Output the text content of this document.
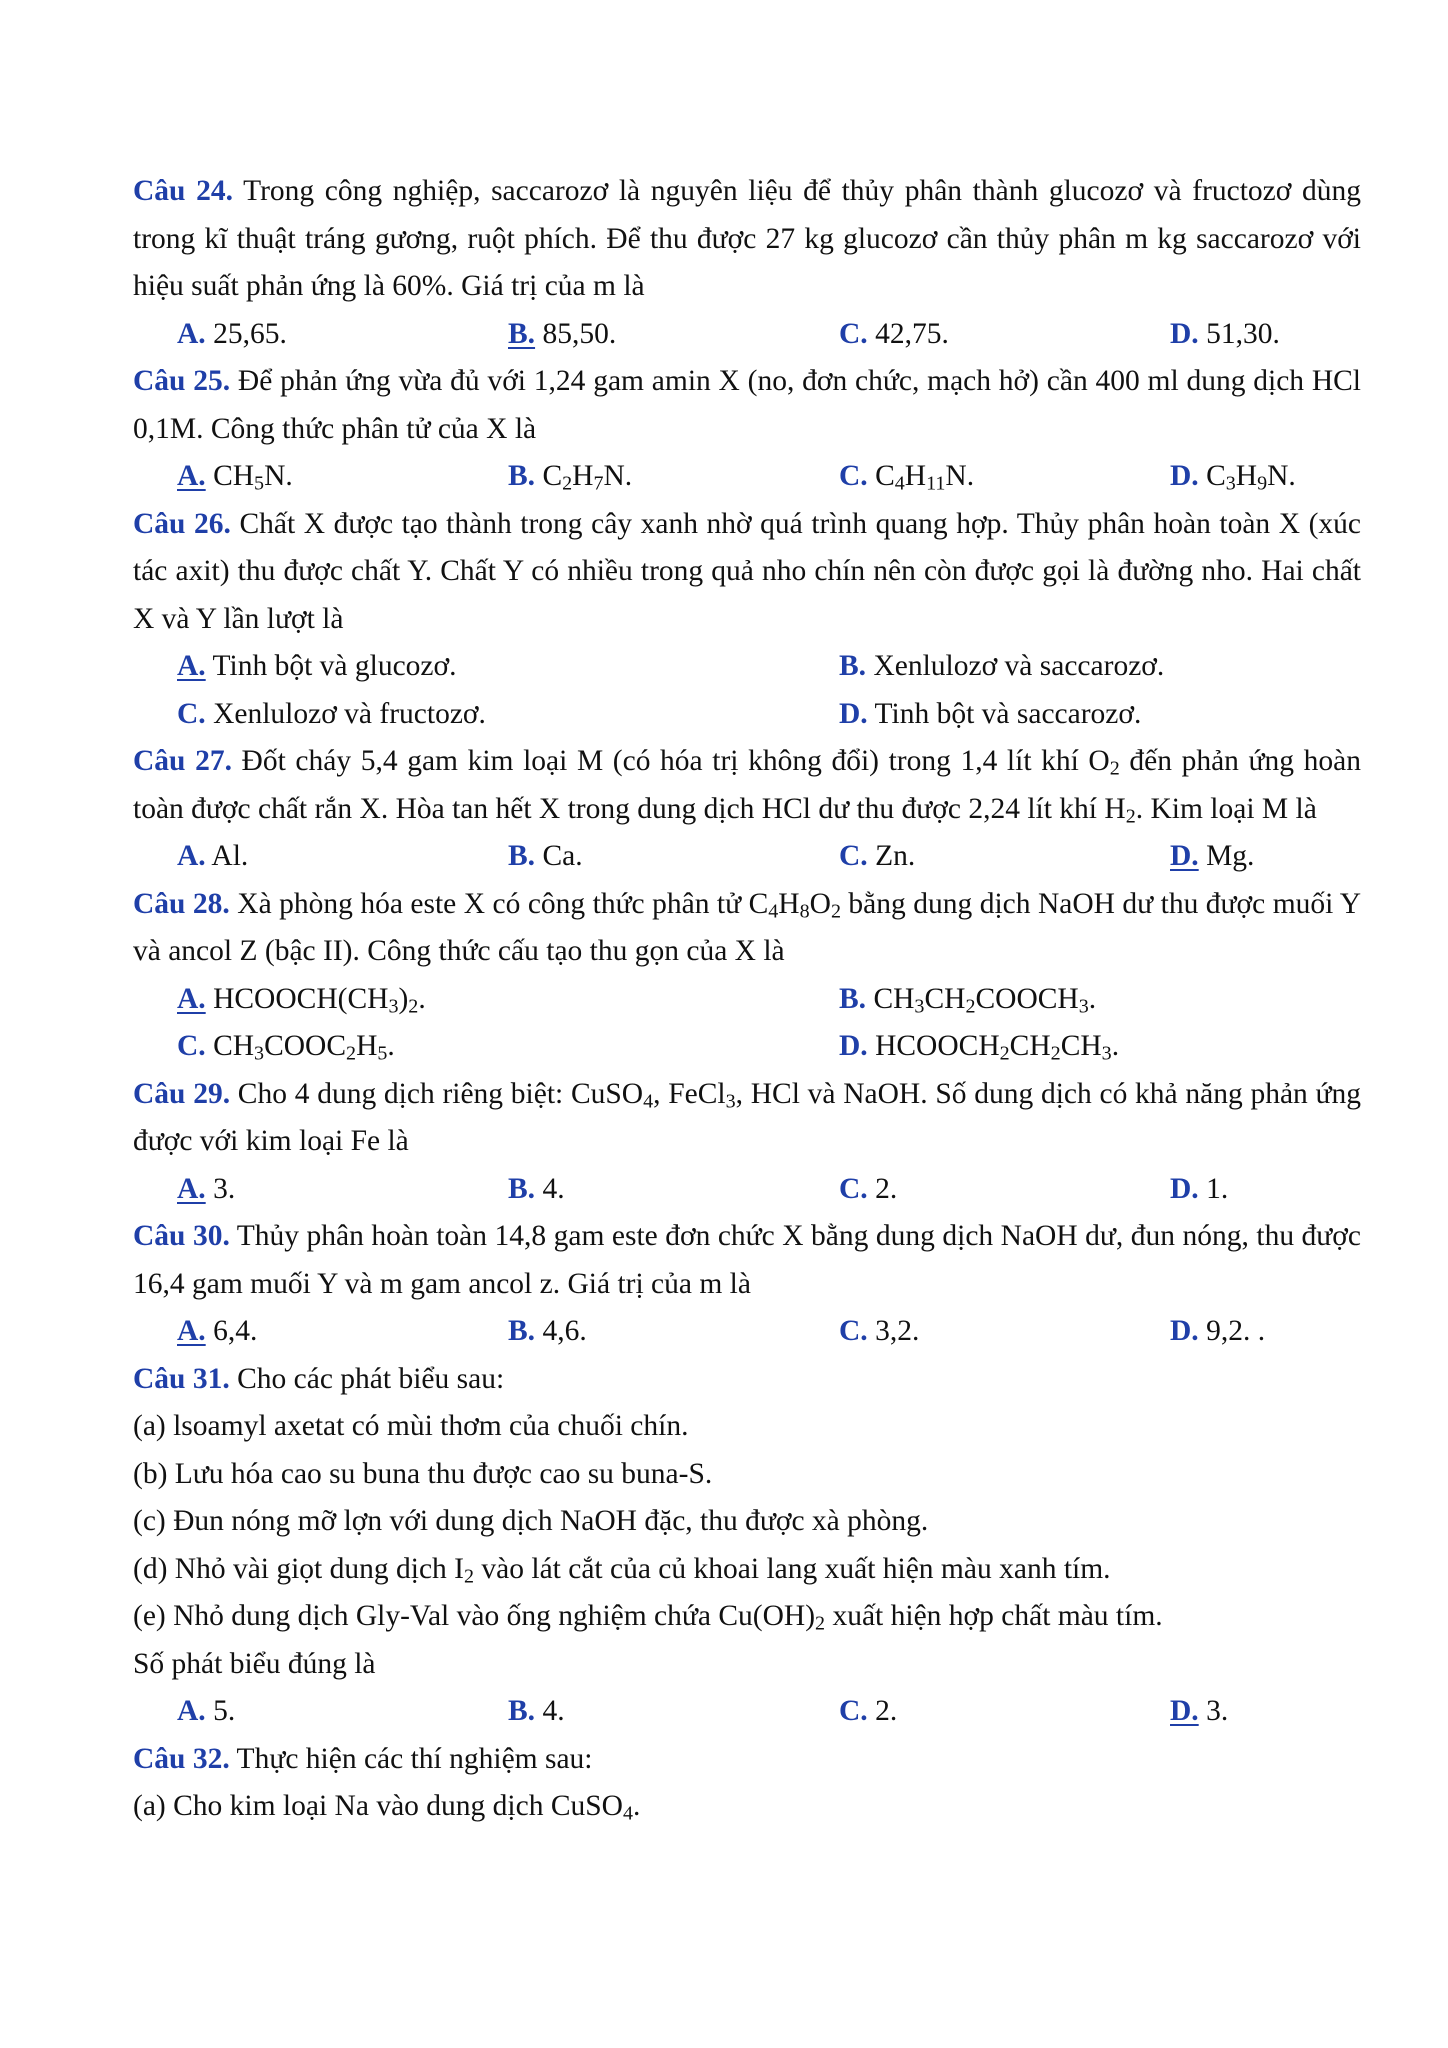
Câu 24. Trong công nghiệp, saccarozơ là nguyên liệu để thủy phân thành glucozơ và fructozơ dùng trong kĩ thuật tráng gương, ruột phích. Để thu được 27 kg glucozơ cần thủy phân m kg saccarozơ với hiệu suất phản ứng là 60%. Giá trị của m là

A. 25,65.	B. 85,50.	C. 42,75.	D. 51,30.

Câu 25. Để phản ứng vừa đủ với 1,24 gam amin X (no, đơn chức, mạch hở) cần 400 ml dung dịch HCl 0,1M. Công thức phân tử của X là

A. $CH_5N$.	B. $C_2H_7N$.	C. $C_4H_{11}N$.	D. $C_3H_9N$.

Câu 26. Chất X được tạo thành trong cây xanh nhờ quá trình quang hợp. Thủy phân hoàn toàn X (xúc tác axit) thu được chất Y. Chất Y có nhiều trong quả nho chín nên còn được gọi là đường nho. Hai chất X và Y lần lượt là

A. Tinh bột và glucozơ.	B. Xenlulozơ và saccarozơ.
C. Xenlulozơ và fructozơ.	D. Tinh bột và saccarozơ.

Câu 27. Đốt cháy 5,4 gam kim loại M (có hóa trị không đổi) trong 1,4 lít khí $O_2$ đến phản ứng hoàn toàn được chất rắn X. Hòa tan hết X trong dung dịch HCl dư thu được 2,24 lít khí $H_2$. Kim loại M là

A. Al.	B. Ca.	C. Zn.	D. Mg.

Câu 28. Xà phòng hóa este X có công thức phân tử $C_4H_8O_2$ bằng dung dịch NaOH dư thu được muối Y và ancol Z (bậc II). Công thức cấu tạo thu gọn của X là

A. $HCOOCH(CH_3)_2$.	B. $CH_3CH_2COOCH_3$.
C. $CH_3COOC_2H_5$.	D. $HCOOCH_2CH_2CH_3$.

Câu 29. Cho 4 dung dịch riêng biệt: CuSO$_4$, FeCl$_3$, HCl và NaOH. Số dung dịch có khả năng phản ứng được với kim loại Fe là

A. 3.	B. 4.	C. 2.	D. 1.

Câu 30. Thủy phân hoàn toàn 14,8 gam este đơn chức X bằng dung dịch NaOH dư, đun nóng, thu được 16,4 gam muối Y và m gam ancol z. Giá trị của m là

A. 6,4.	B. 4,6.	C. 3,2.	D. 9,2. .

Câu 31. Cho các phát biểu sau:

(a) lsoamyl axetat có mùi thơm của chuối chín.

(b) Lưu hóa cao su buna thu được cao su buna-S.

(c) Đun nóng mỡ lợn với dung dịch NaOH đặc, thu được xà phòng.

(d) Nhỏ vài giọt dung dịch $I_2$ vào lát cắt của củ khoai lang xuất hiện màu xanh tím.

(e) Nhỏ dung dịch Gly-Val vào ống nghiệm chứa $Cu(OH)_2$ xuất hiện hợp chất màu tím.

Số phát biểu đúng là

A. 5.	B. 4.	C. 2.	D. 3.

Câu 32. Thực hiện các thí nghiệm sau:

(a) Cho kim loại Na vào dung dịch CuSO$_4$.
